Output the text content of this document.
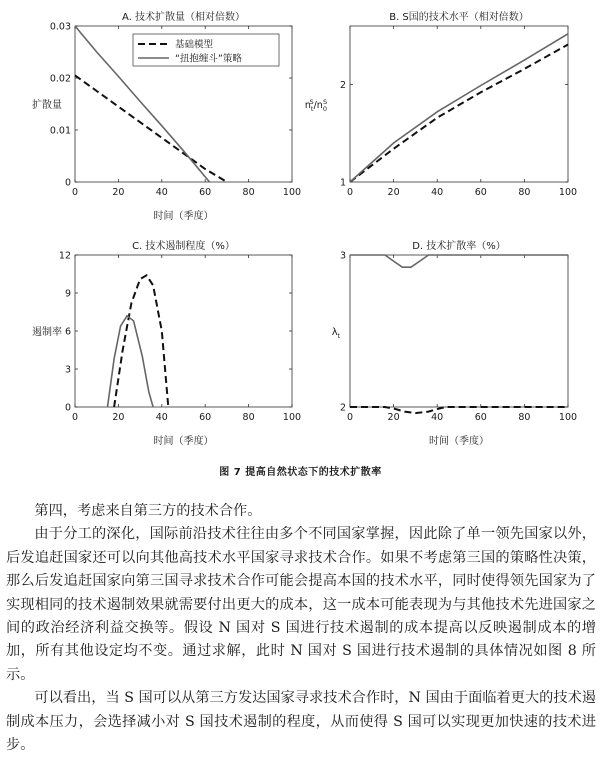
A. 技术扩散量（相对倍数）
0	20	40	60	80	100
0
0.01
0.02
0.03
时间（季度）
扩散量
基础模型
“扭抱缠斗”策略
B. S国的技术水平（相对倍数）
0	20	40	60	80	100
1
2
$n_tS/n_0S$
C. 技术遏制程度（%）
0	20	40	60	80	100
0
3
6
9
12
时间（季度）
遏制率
D. 技术扩散率（%）
0	20	40	60	80	100
2
3
时间（季度）
$\lambda_t$
图 7 提高自然状态下的技术扩散率

第四，考虑来自第三方的技术合作。

由于分工的深化，国际前沿技术往往由多个不同国家掌握，因此除了单一领先国家以外，后发追赶国家还可以向其他高技术水平国家寻求技术合作。如果不考虑第三国的策略性决策，那么后发追赶国家向第三国寻求技术合作可能会提高本国的技术水平，同时使得领先国家为了实现相同的技术遏制效果就需要付出更大的成本，这一成本可能表现为与其他技术先进国家之间的政治经济利益交换等。假设 N 国对 S 国进行技术遏制的成本提高以反映遏制成本的增加，所有其他设定均不变。通过求解，此时 N 国对 S 国进行技术遏制的具体情况如图 8 所示。

可以看出，当 S 国可以从第三方发达国家寻求技术合作时，N 国由于面临着更大的技术遏制成本压力，会选择减小对 S 国技术遏制的程度，从而使得 S 国可以实现更加快速的技术进步。
